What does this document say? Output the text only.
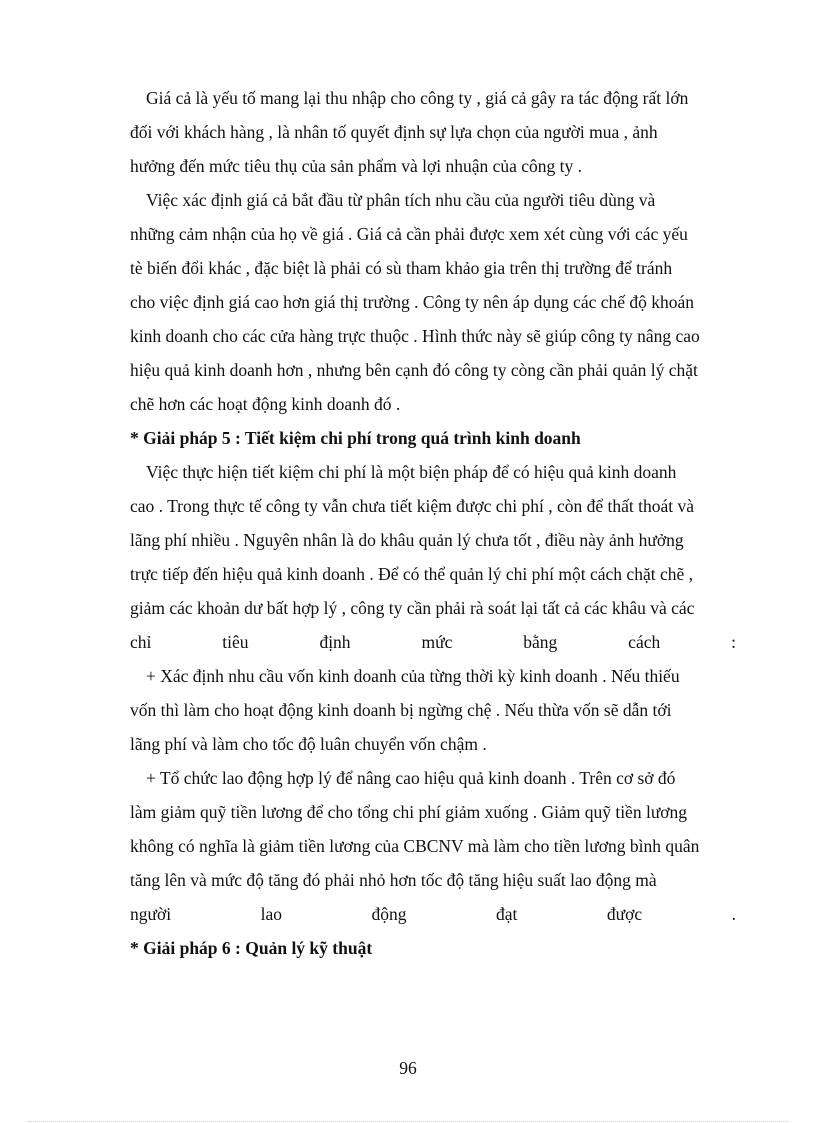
Giá cả là yếu tố mang lại thu nhập cho công ty , giá cả gây ra tác động rất lớn
đối với khách hàng , là nhân tố quyết định sự lựa chọn của người mua , ảnh
hưởng đến mức tiêu thụ của sản phẩm và lợi nhuận của công ty .
Việc xác định giá cả bắt đầu từ phân tích nhu cầu của người tiêu dùng và
những cảm nhận của họ về giá . Giá cả cần phải được xem xét cùng với các yếu
tè biến đổi khác , đặc biệt là phải có sù tham khảo gia trên thị trường để tránh
cho việc định giá cao hơn giá thị trường . Công ty nên áp dụng các chế độ khoán
kinh doanh cho các cửa hàng trực thuộc . Hình thức này sẽ giúp công ty nâng cao
hiệu quả kinh doanh hơn , nhưng bên cạnh đó công ty còng cần phải quản lý chặt
chẽ hơn các hoạt động kinh doanh đó .
* Giải pháp 5 : Tiết kiệm chi phí trong quá trình kinh doanh
Việc thực hiện tiết kiệm chi phí là một biện pháp để có hiệu quả kinh doanh
cao . Trong thực tế công ty vẫn chưa tiết kiệm được chi phí , còn để thất thoát và
lãng phí nhiều . Nguyên nhân là do khâu quản lý chưa tốt , điều này ảnh hưởng
trực tiếp đến hiệu quả kinh doanh . Để có thể quản lý chi phí một cách chặt chẽ ,
giảm các khoản dư bất hợp lý , công ty cần phải rà soát lại tất cả các khâu và các
chỉ tiêu định mức bằng cách :
+ Xác định nhu cầu vốn kinh doanh của từng thời kỳ kinh doanh . Nếu thiếu
vốn thì làm cho hoạt động kinh doanh bị ngừng chệ . Nếu thừa vốn sẽ dẫn tới
lãng phí và làm cho tốc độ luân chuyển vốn chậm .
+ Tổ chức lao động hợp lý để nâng cao hiệu quả kinh doanh . Trên cơ sở đó
làm giảm quỹ tiền lương để cho tổng chi phí giảm xuống . Giảm quỹ tiền lương
không có nghĩa là giảm tiền lương của CBCNV mà làm cho tiền lương bình quân
tăng lên và mức độ tăng đó phải nhỏ hơn tốc độ tăng hiệu suất lao động mà
người lao động đạt được .
* Giải pháp 6 : Quản lý kỹ thuật
96
